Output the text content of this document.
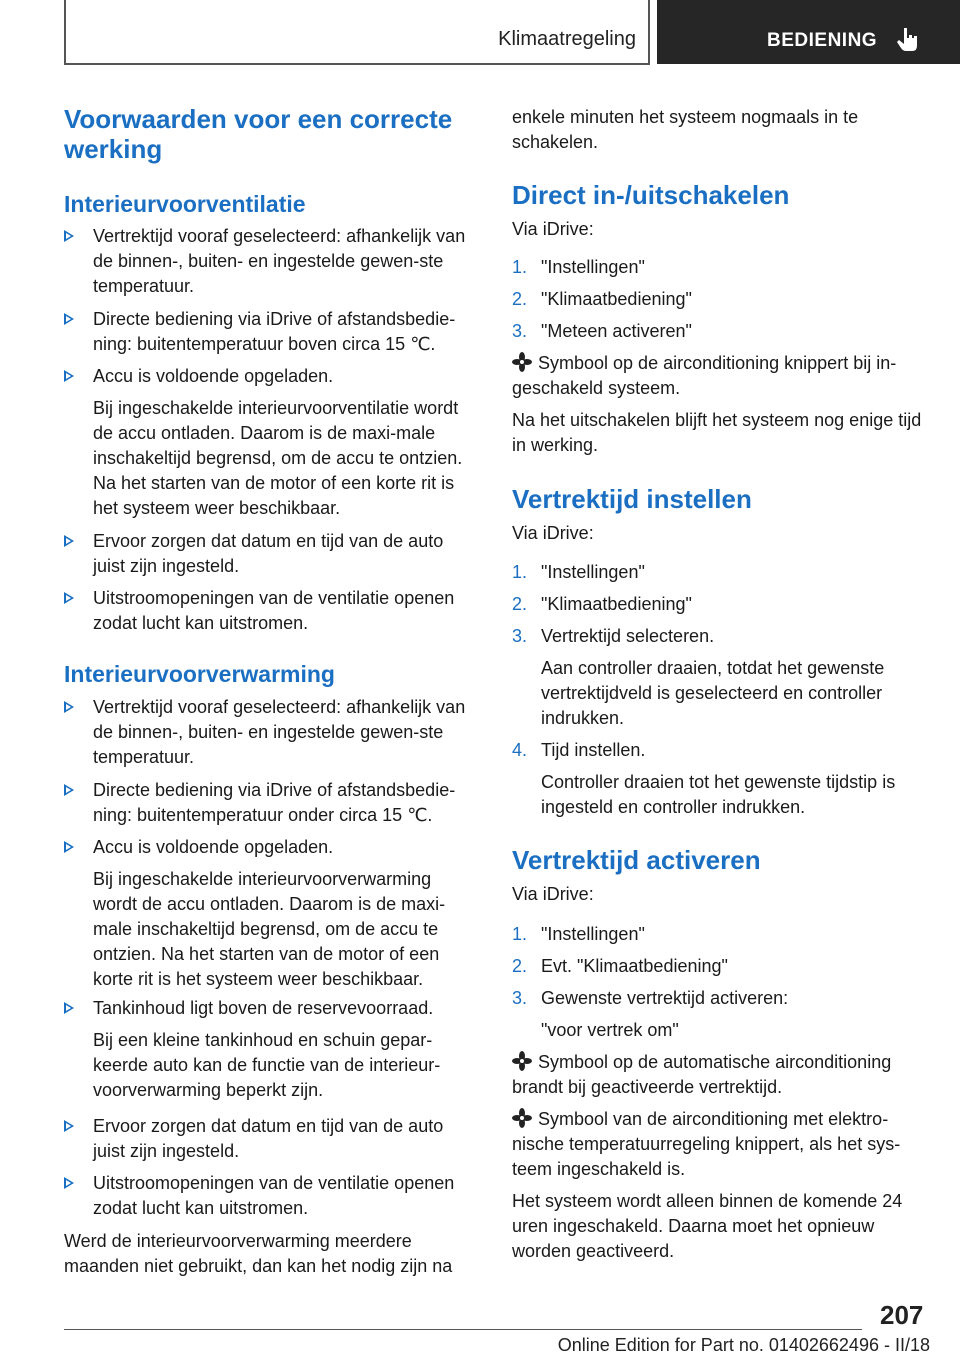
Klimaatregeling	BEDIENING
Voorwaarden voor een correcte werking
Interieurvoorventilatie
Vertrektijd vooraf geselecteerd: afhankelijk van de binnen-, buiten- en ingestelde gewen-ste temperatuur.
Directe bediening via iDrive of afstandsbedie-ning: buitentemperatuur boven circa 15 ℃.
Accu is voldoende opgeladen.
Bij ingeschakelde interieurvoorventilatie wordt de accu ontladen. Daarom is de maxi-male inschakeltijd begrensd, om de accu te ontzien. Na het starten van de motor of een korte rit is het systeem weer beschikbaar.
Ervoor zorgen dat datum en tijd van de auto juist zijn ingesteld.
Uitstroomopeningen van de ventilatie openen zodat lucht kan uitstromen.
Interieurvoorverwarming
Vertrektijd vooraf geselecteerd: afhankelijk van de binnen-, buiten- en ingestelde gewen-ste temperatuur.
Directe bediening via iDrive of afstandsbedie-ning: buitentemperatuur onder circa 15 ℃.
Accu is voldoende opgeladen.
Bij ingeschakelde interieurvoorverwarming wordt de accu ontladen. Daarom is de maxi-male inschakeltijd begrensd, om de accu te ontzien. Na het starten van de motor of een korte rit is het systeem weer beschikbaar.
Tankinhoud ligt boven de reservevoorraad.
Bij een kleine tankinhoud en schuin gepar-keerde auto kan de functie van de interieur-voorverwarming beperkt zijn.
Ervoor zorgen dat datum en tijd van de auto juist zijn ingesteld.
Uitstroomopeningen van de ventilatie openen zodat lucht kan uitstromen.
Werd de interieurvoorverwarming meerdere maanden niet gebruikt, dan kan het nodig zijn na
enkele minuten het systeem nogmaals in te schakelen.
Direct in-/uitschakelen
Via iDrive:
1. "Instellingen"
2. "Klimaatbediening"
3. "Meteen activeren"
Symbool op de airconditioning knippert bij in-geschakeld systeem.
Na het uitschakelen blijft het systeem nog enige tijd in werking.
Vertrektijd instellen
Via iDrive:
1. "Instellingen"
2. "Klimaatbediening"
3. Vertrektijd selecteren.
Aan controller draaien, totdat het gewenste vertrektijdveld is geselecteerd en controller indrukken.
4. Tijd instellen.
Controller draaien tot het gewenste tijdstip is ingesteld en controller indrukken.
Vertrektijd activeren
Via iDrive:
1. "Instellingen"
2. Evt. "Klimaatbediening"
3. Gewenste vertrektijd activeren:
"voor vertrek om"
Symbool op de automatische airconditioning brandt bij geactiveerde vertrektijd.
Symbool van de airconditioning met elektro-nische temperatuurregeling knippert, als het sys-teem ingeschakeld is.
Het systeem wordt alleen binnen de komende 24 uren ingeschakeld. Daarna moet het opnieuw worden geactiveerd.
207
Online Edition for Part no. 01402662496 - II/18
